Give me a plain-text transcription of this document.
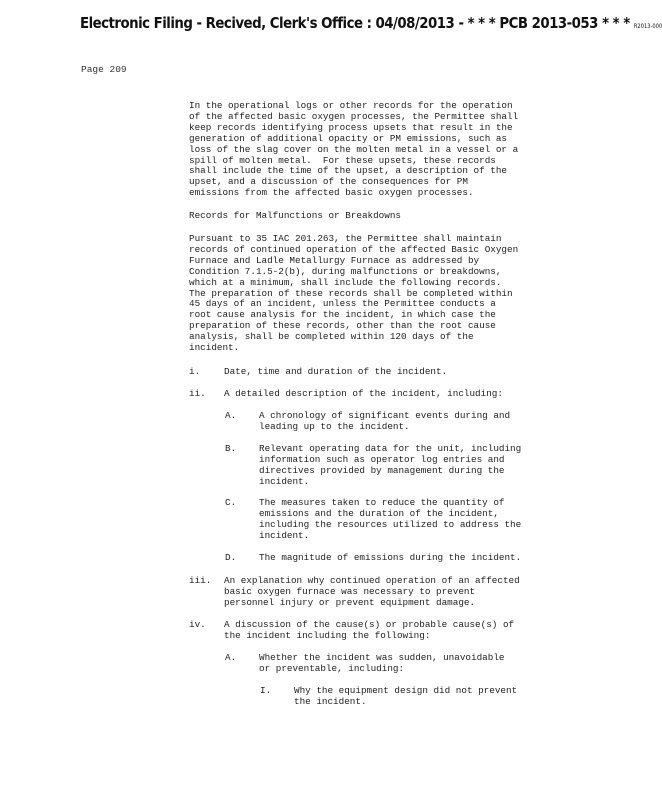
Electronic Filing - Recived, Clerk's Office : 04/08/2013 - * * * PCB 2013-053 * * * R2013-000
Page 209
In the operational logs or other records for the operation
of the affected basic oxygen processes, the Permittee shall
keep records identifying process upsets that result in the
generation of additional opacity or PM emissions, such as
loss of the slag cover on the molten metal in a vessel or a
spill of molten metal.  For these upsets, these records
shall include the time of the upset, a description of the
upset, and a discussion of the consequences for PM
emissions from the affected basic oxygen processes.
Records for Malfunctions or Breakdowns
Pursuant to 35 IAC 201.263, the Permittee shall maintain
records of continued operation of the affected Basic Oxygen
Furnace and Ladle Metallurgy Furnace as addressed by
Condition 7.1.5-2(b), during malfunctions or breakdowns,
which at a minimum, shall include the following records.
The preparation of these records shall be completed within
45 days of an incident, unless the Permittee conducts a
root cause analysis for the incident, in which case the
preparation of these records, other than the root cause
analysis, shall be completed within 120 days of the
incident.
i.	Date, time and duration of the incident.
ii. A detailed description of the incident, including:
A. A chronology of significant events during and
leading up to the incident.
B. Relevant operating data for the unit, including
information such as operator log entries and
directives provided by management during the
incident.
C. The measures taken to reduce the quantity of
emissions and the duration of the incident,
including the resources utilized to address the
incident.
D. The magnitude of emissions during the incident.
iii. An explanation why continued operation of an affected
basic oxygen furnace was necessary to prevent
personnel injury or prevent equipment damage.
iv. A discussion of the cause(s) or probable cause(s) of
the incident including the following:
A. Whether the incident was sudden, unavoidable
or preventable, including:
I. Why the equipment design did not prevent
the incident.
